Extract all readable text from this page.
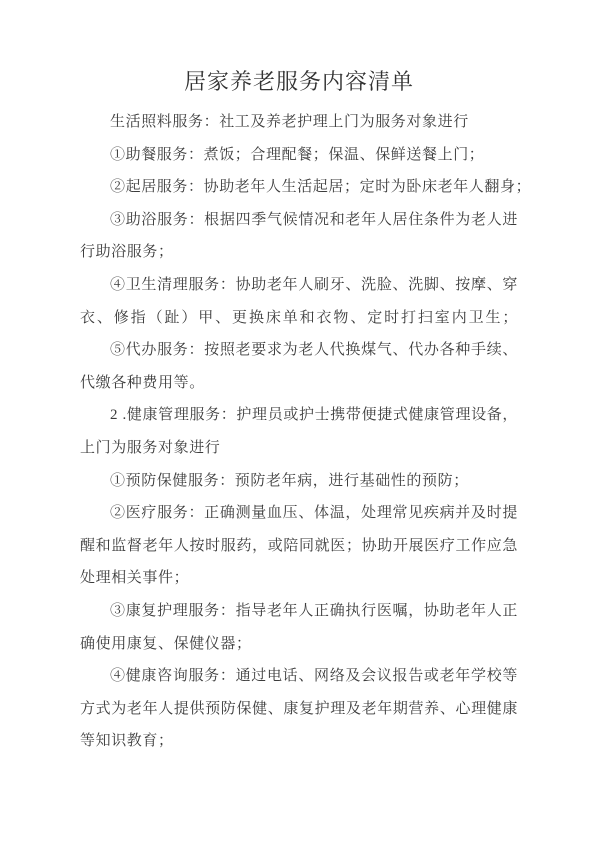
居家养老服务内容清单
生活照料服务：社工及养老护理上门为服务对象进行
①助餐服务：煮饭；合理配餐；保温、保鲜送餐上门；
②起居服务：协助老年人生活起居；定时为卧床老年人翻身；
③助浴服务：根据四季气候情况和老年人居住条件为老人进
行助浴服务；
④卫生清理服务：协助老年人刷牙、洗脸、洗脚、按摩、穿
衣、修指（趾）甲、更换床单和衣物、定时打扫室内卫生；
⑤代办服务：按照老要求为老人代换煤气、代办各种手续、
代缴各种费用等。
2 .健康管理服务：护理员或护士携带便捷式健康管理设备，
上门为服务对象进行
①预防保健服务：预防老年病，进行基础性的预防；
②医疗服务：正确测量血压、体温，处理常见疾病并及时提
醒和监督老年人按时服药，或陪同就医；协助开展医疗工作应急
处理相关事件；
③康复护理服务：指导老年人正确执行医嘱，协助老年人正
确使用康复、保健仪器；
④健康咨询服务：通过电话、网络及会议报告或老年学校等
方式为老年人提供预防保健、康复护理及老年期营养、心理健康
等知识教育；
